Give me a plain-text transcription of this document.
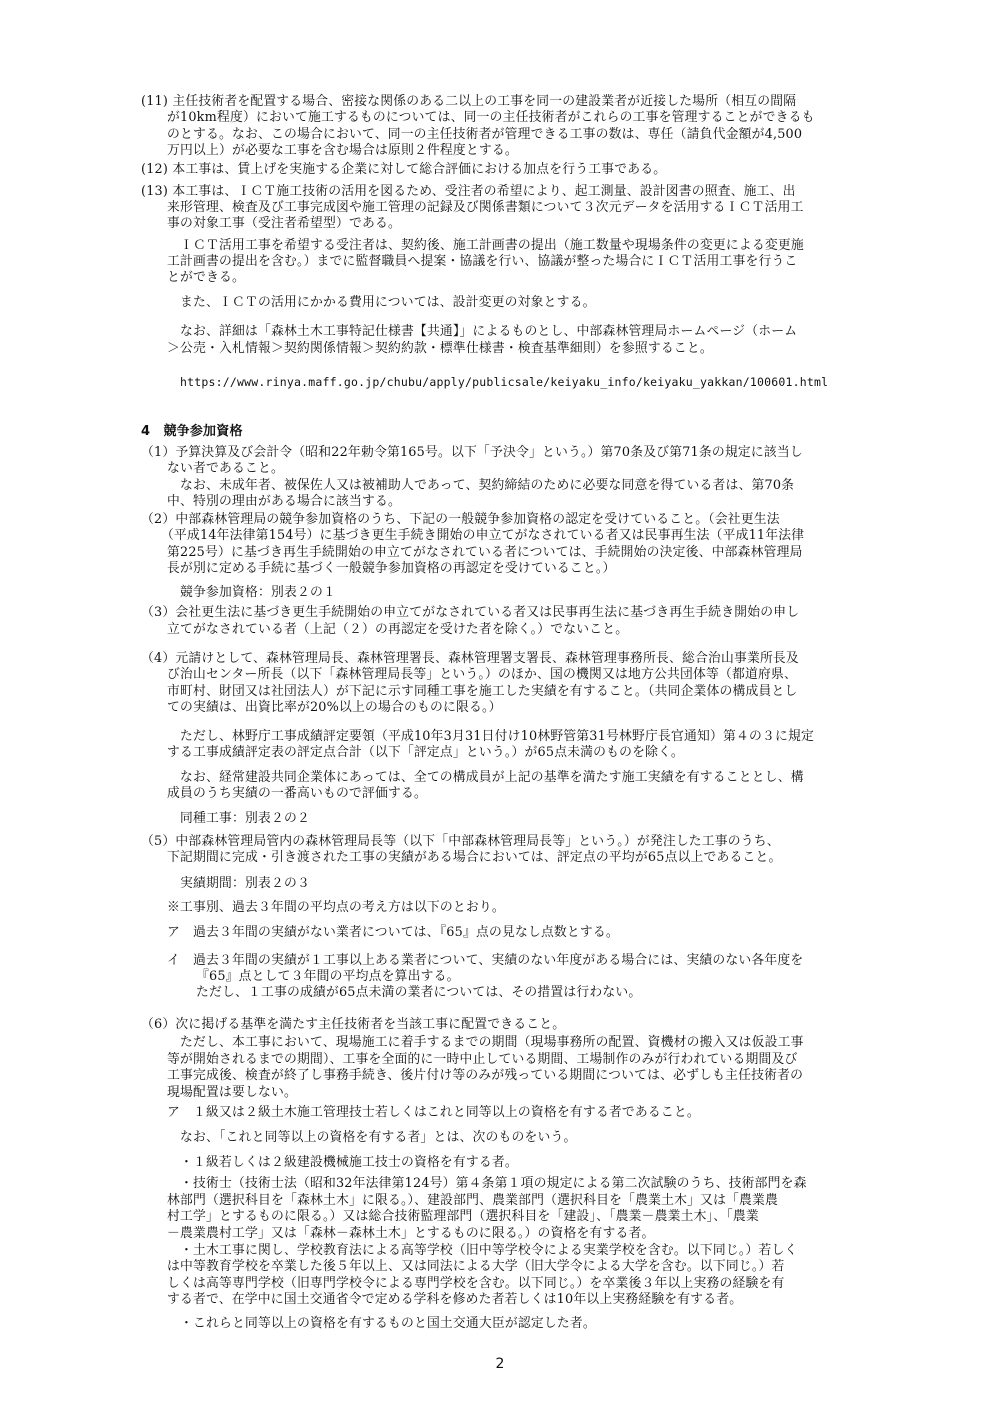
(11) 主任技術者を配置する場合、密接な関係のある二以上の工事を同一の建設業者が近接した場所（相互の間隔
が10km程度）において施工するものについては、同一の主任技術者がこれらの工事を管理することができるも
のとする。なお、この場合において、同一の主任技術者が管理できる工事の数は、専任（請負代金額が4,500
万円以上）が必要な工事を含む場合は原則２件程度とする。
(12) 本工事は、賃上げを実施する企業に対して総合評価における加点を行う工事である。
(13) 本工事は、ＩＣＴ施工技術の活用を図るため、受注者の希望により、起工測量、設計図書の照査、施工、出
来形管理、検査及び工事完成図や施工管理の記録及び関係書類について３次元データを活用するＩＣＴ活用工
事の対象工事（受注者希望型）である。
ＩＣＴ活用工事を希望する受注者は、契約後、施工計画書の提出（施工数量や現場条件の変更による変更施
工計画書の提出を含む。）までに監督職員へ提案・協議を行い、協議が整った場合にＩＣＴ活用工事を行うこ
とができる。
また、ＩＣＴの活用にかかる費用については、設計変更の対象とする。
なお、詳細は「森林土木工事特記仕様書【共通】」によるものとし、中部森林管理局ホームページ（ホーム
＞公売・入札情報＞契約関係情報＞契約約款・標準仕様書・検査基準細則）を参照すること。
https://www.rinya.maff.go.jp/chubu/apply/publicsale/keiyaku_info/keiyaku_yakkan/100601.html
4　競争参加資格
（1）予算決算及び会計令（昭和22年勅令第165号。以下「予決令」という。）第70条及び第71条の規定に該当し
ない者であること。
なお、未成年者、被保佐人又は被補助人であって、契約締結のために必要な同意を得ている者は、第70条
中、特別の理由がある場合に該当する。
（2）中部森林管理局の競争参加資格のうち、下記の一般競争参加資格の認定を受けていること。（会社更生法
（平成14年法律第154号）に基づき更生手続き開始の申立てがなされている者又は民事再生法（平成11年法律
第225号）に基づき再生手続開始の申立てがなされている者については、手続開始の決定後、中部森林管理局
長が別に定める手続に基づく一般競争参加資格の再認定を受けていること。）
競争参加資格：別表２の１
（3）会社更生法に基づき更生手続開始の申立てがなされている者又は民事再生法に基づき再生手続き開始の申し
立てがなされている者（上記（２）の再認定を受けた者を除く。）でないこと。
（4）元請けとして、森林管理局長、森林管理署長、森林管理署支署長、森林管理事務所長、総合治山事業所長及
び治山センター所長（以下「森林管理局長等」という。）のほか、国の機関又は地方公共団体等（都道府県、
市町村、財団又は社団法人）が下記に示す同種工事を施工した実績を有すること。（共同企業体の構成員とし
ての実績は、出資比率が20%以上の場合のものに限る。）
ただし、林野庁工事成績評定要領（平成10年3月31日付け10林野管第31号林野庁長官通知）第４の３に規定
する工事成績評定表の評定点合計（以下「評定点」という。）が65点未満のものを除く。
なお、経常建設共同企業体にあっては、全ての構成員が上記の基準を満たす施工実績を有することとし、構
成員のうち実績の一番高いもので評価する。
同種工事：別表２の２
（5）中部森林管理局管内の森林管理局長等（以下「中部森林管理局長等」という。）が発注した工事のうち、
下記期間に完成・引き渡された工事の実績がある場合においては、評定点の平均が65点以上であること。
実績期間：別表２の３
※工事別、過去３年間の平均点の考え方は以下のとおり。
ア　過去３年間の実績がない業者については、『65』点の見なし点数とする。
イ　過去３年間の実績が１工事以上ある業者について、実績のない年度がある場合には、実績のない各年度を
『65』点として３年間の平均点を算出する。
ただし、１工事の成績が65点未満の業者については、その措置は行わない。
（6）次に掲げる基準を満たす主任技術者を当該工事に配置できること。
ただし、本工事において、現場施工に着手するまでの期間（現場事務所の配置、資機材の搬入又は仮設工事
等が開始されるまでの期間）、工事を全面的に一時中止している期間、工場制作のみが行われている期間及び
工事完成後、検査が終了し事務手続き、後片付け等のみが残っている期間については、必ずしも主任技術者の
現場配置は要しない。
ア　１級又は２級土木施工管理技士若しくはこれと同等以上の資格を有する者であること。
なお、「これと同等以上の資格を有する者」とは、次のものをいう。
・１級若しくは２級建設機械施工技士の資格を有する者。
・技術士（技術士法（昭和32年法律第124号）第４条第１項の規定による第二次試験のうち、技術部門を森
林部門（選択科目を「森林土木」に限る。）、建設部門、農業部門（選択科目を「農業土木」又は「農業農
村工学」とするものに限る。）又は総合技術監理部門（選択科目を「建設」、「農業－農業土木」、「農業
－農業農村工学」又は「森林－森林土木」とするものに限る。）の資格を有する者。
・土木工事に関し、学校教育法による高等学校（旧中等学校令による実業学校を含む。以下同じ。）若しく
は中等教育学校を卒業した後５年以上、又は同法による大学（旧大学令による大学を含む。以下同じ。）若
しくは高等専門学校（旧専門学校令による専門学校を含む。以下同じ。）を卒業後３年以上実務の経験を有
する者で、在学中に国土交通省令で定める学科を修めた者若しくは10年以上実務経験を有する者。
・これらと同等以上の資格を有するものと国土交通大臣が認定した者。
2
